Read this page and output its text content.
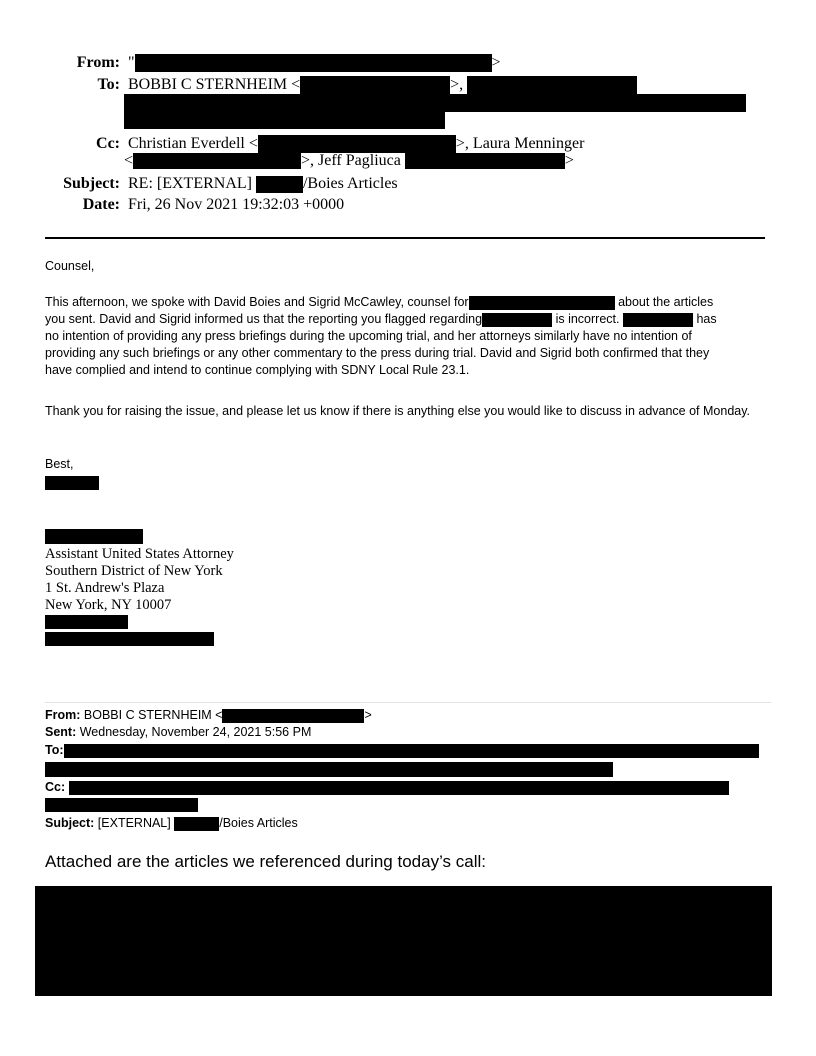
From: "	>
To: BOBBI C STERNHEIM <	>,
Cc: Christian Everdell <	>, Laura Menninger
<	>, Jeff Pagliuca	>
Subject: RE: [EXTERNAL]	/Boies Articles
Date: Fri, 26 Nov 2021 19:32:03 +0000
Counsel,
This afternoon, we spoke with David Boies and Sigrid McCawley, counsel for	about the articles
you sent. David and Sigrid informed us that the reporting you flagged regarding	is incorrect.	has
no intention of providing any press briefings during the upcoming trial, and her attorneys similarly have no intention of
providing any such briefings or any other commentary to the press during trial. David and Sigrid both confirmed that they
have complied and intend to continue complying with SDNY Local Rule 23.1.
Thank you for raising the issue, and please let us know if there is anything else you would like to discuss in advance of Monday.
Best,
Assistant United States Attorney
Southern District of New York
1 St. Andrew's Plaza
New York, NY 10007
From: BOBBI C STERNHEIM <	>
Sent: Wednesday, November 24, 2021 5:56 PM
To:
Cc:
Subject: [EXTERNAL]	/Boies Articles
Attached are the articles we referenced during today’s call:
